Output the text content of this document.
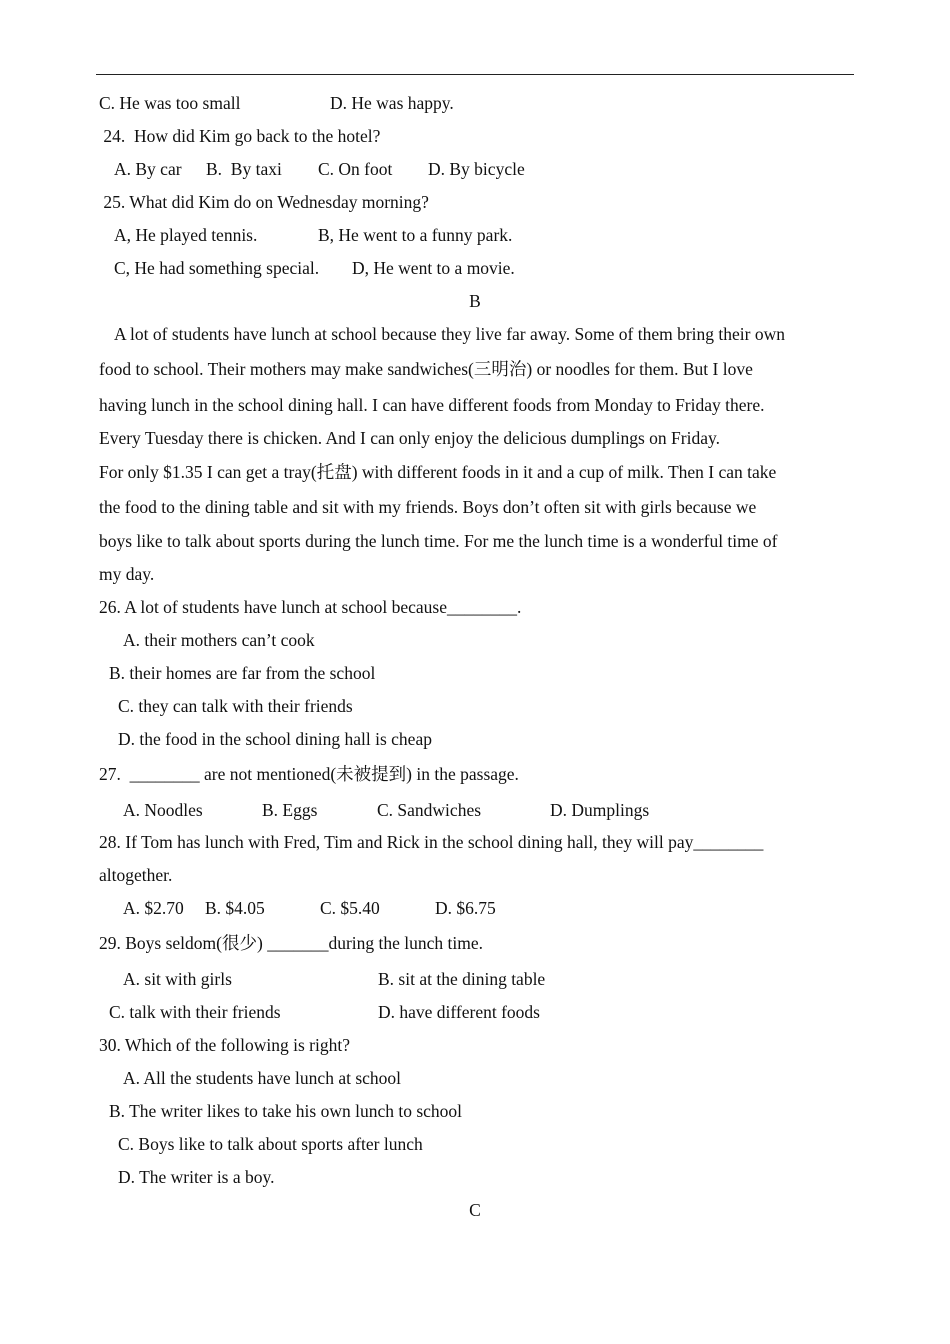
C. He was too small	D. He was happy.
24.  How did Kim go back to the hotel?
A. By car B.  By taxi C. On foot D. By bicycle
25. What did Kim do on Wednesday morning?
A, He played tennis.	B, He went to a funny park.
C, He had something special. D, He went to a movie.
B
A lot of students have lunch at school because they live far away. Some of them bring their own
food to school. Their mothers may make sandwiches(三明治) or noodles for them. But I love
having lunch in the school dining hall. I can have different foods from Monday to Friday there.
Every Tuesday there is chicken. And I can only enjoy the delicious dumplings on Friday.
For only $1.35 I can get a tray(托盘) with different foods in it and a cup of milk. Then I can take
the food to the dining table and sit with my friends. Boys don’t often sit with girls because we
boys like to talk about sports during the lunch time. For me the lunch time is a wonderful time of
my day.
26. A lot of students have lunch at school because________.
A. their mothers can’t cook
B. their homes are far from the school
C. they can talk with their friends
D. the food in the school dining hall is cheap
27.  ________ are not mentioned(未被提到) in the passage.
A. Noodles	B. Eggs	C. Sandwiches	D. Dumplings
28. If Tom has lunch with Fred, Tim and Rick in the school dining hall, they will pay________
altogether.
A. $2.70 B. $4.05	C. $5.40	D. $6.75
29. Boys seldom(很少) _______during the lunch time.
A. sit with girls	B. sit at the dining table
C. talk with their friends	D. have different foods
30. Which of the following is right?
A. All the students have lunch at school
B. The writer likes to take his own lunch to school
C. Boys like to talk about sports after lunch
D. The writer is a boy.
C
